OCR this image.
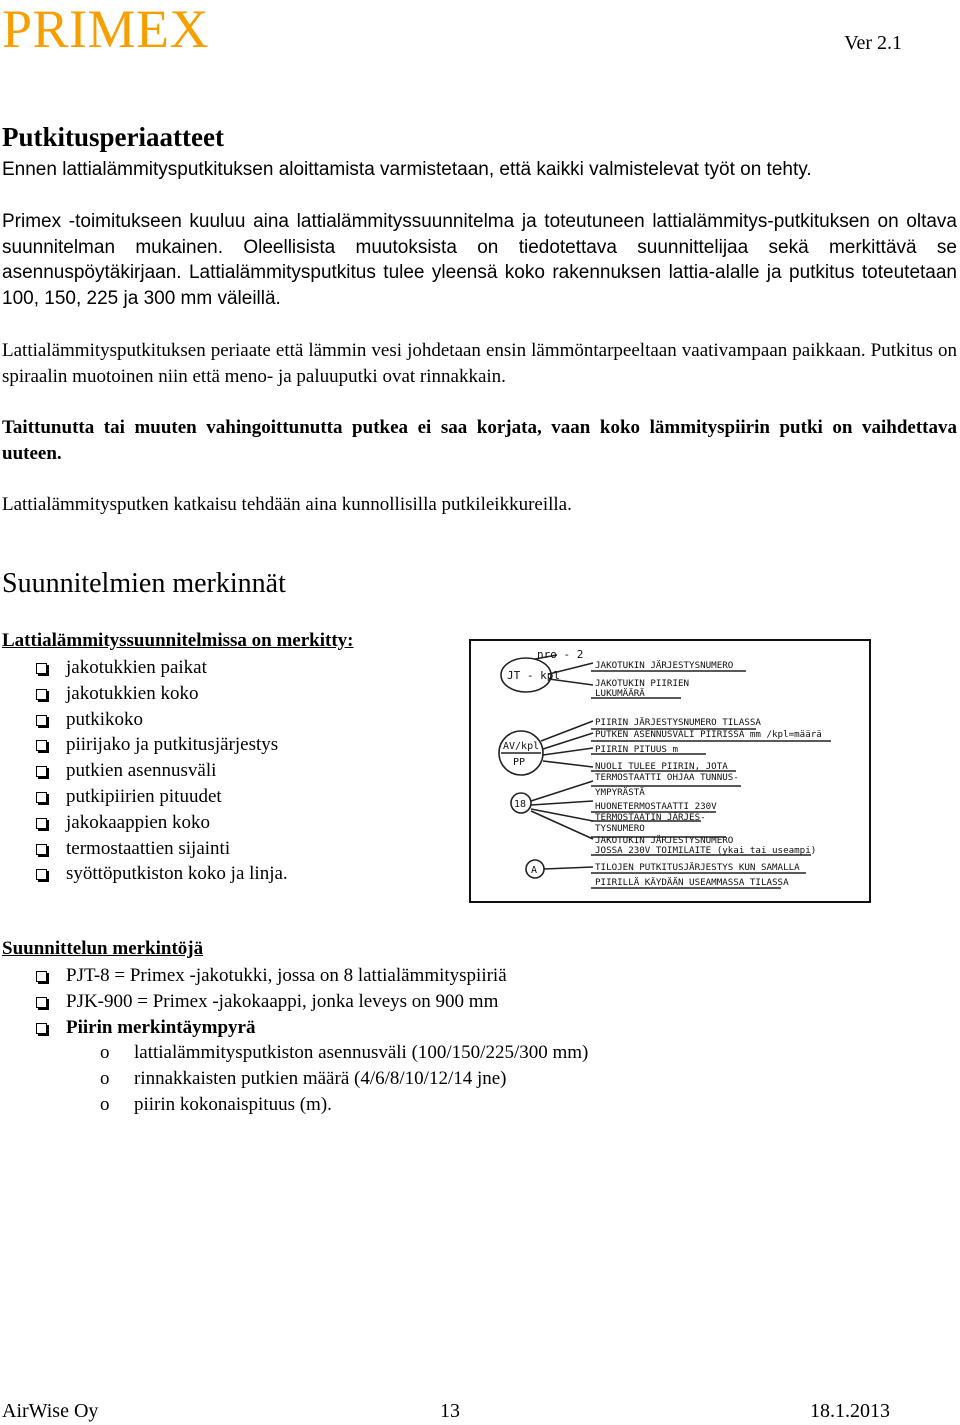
PRIMEX	Ver 2.1
Putkitusperiaatteet
Ennen lattialämmitysputkituksen aloittamista varmistetaan, että kaikki valmistelevat työt on tehty.
Primex -toimitukseen kuuluu aina lattialämmityssuunnitelma ja toteutuneen lattialämmitys-putkituksen on oltava suunnitelman mukainen. Oleellisista muutoksista on tiedotettava suunnittelijaa sekä merkittävä se asennuspöytäkirjaan. Lattialämmitysputkitus tulee yleensä koko rakennuksen lattia-alalle ja putkitus toteutetaan 100, 150, 225 ja 300 mm väleillä.
Lattialämmitysputkituksen periaate että lämmin vesi johdetaan ensin lämmöntarpeeltaan vaativampaan paikkaan. Putkitus on spiraalin muotoinen niin että meno- ja paluuputki ovat rinnakkain.
Taittunutta tai muuten vahingoittunutta putkea ei saa korjata, vaan koko lämmityspiirin putki on vaihdettava uuteen.
Lattialämmitysputken katkaisu tehdään aina kunnollisilla putkileikkureilla.
Suunnitelmien merkinnät
Lattialämmityssuunnitelmissa on merkitty:
jakotukkien paikat
jakotukkien koko
putkikoko
piirijako ja putkitusjärjestys
putkien asennusväli
putkipiirien pituudet
jakokaappien koko
termostaattien sijainti
syöttöputkiston koko ja linja.
nro - 2
JT - kpl
AV/kpl
PP
18
A
JAKOTUKIN JÄRJESTYSNUMERO
JAKOTUKIN PIIRIEN
LUKUMÄÄRÄ
PIIRIN JÄRJESTYSNUMERO TILASSA
PUTKEN ASENNUSVÄLI PIIRISSÄ mm /kpl=määrä
PIIRIN PITUUS m
NUOLI TULEE PIIRIN, JOTA
TERMOSTAATTI OHJAA TUNNUS-
YMPYRÄSTÄ
HUONETERMOSTAATTI 230V
TERMOSTAATIN JÄRJES-
TYSNUMERO
JAKOTUKIN JÄRJESTYSNUMERO
JOSSA 230V TOIMILAITE (ykai tai useampi)
TILOJEN PUTKITUSJÄRJESTYS KUN SAMALLA
PIIRILLÄ KÄYDÄÄN USEAMMASSA TILASSA
Suunnittelun merkintöjä
PJT-8 = Primex -jakotukki, jossa on 8 lattialämmityspiiriä
PJK-900 = Primex -jakokaappi, jonka leveys on 900 mm
Piirin merkintäympyrä
o lattialämmitysputkiston asennusväli (100/150/225/300 mm)
o rinnakkaisten putkien määrä (4/6/8/10/12/14 jne)
o piirin kokonaispituus (m).
AirWise Oy	13	18.1.2013
